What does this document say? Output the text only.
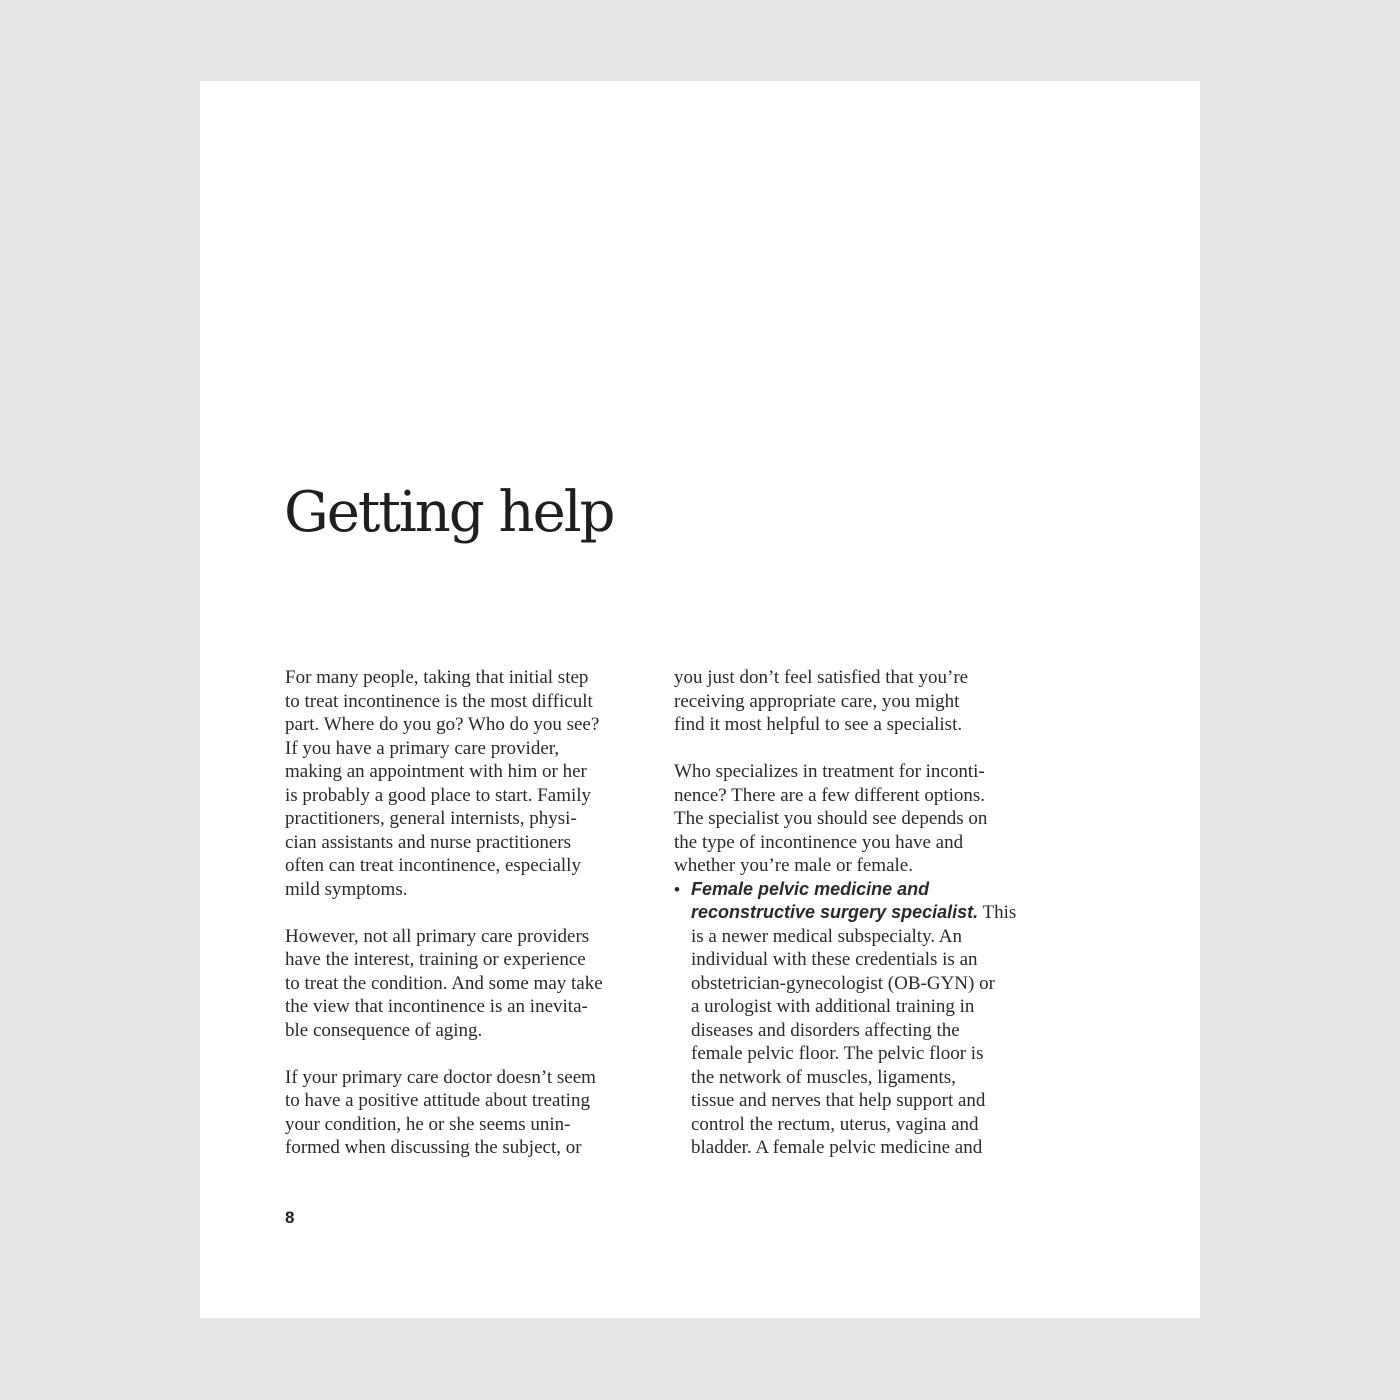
Getting help
For many people, taking that initial step
to treat incontinence is the most difficult
part. Where do you go? Who do you see?
If you have a primary care provider,
making an appointment with him or her
is probably a good place to start. Family
practitioners, general internists, physi-
cian assistants and nurse practitioners
often can treat incontinence, especially
mild symptoms.
However, not all primary care providers
have the interest, training or experience
to treat the condition. And some may take
the view that incontinence is an inevita-
ble consequence of aging.
If your primary care doctor doesn’t seem
to have a positive attitude about treating
your condition, he or she seems unin-
formed when discussing the subject, or
you just don’t feel satisfied that you’re
receiving appropriate care, you might
find it most helpful to see a specialist.
Who specializes in treatment for inconti-
nence? There are a few different options.
The specialist you should see depends on
the type of incontinence you have and
whether you’re male or female.
• Female pelvic medicine and
reconstructive surgery specialist. This
is a newer medical subspecialty. An
individual with these credentials is an
obstetrician-gynecologist (OB-GYN) or
a urologist with additional training in
diseases and disorders affecting the
female pelvic floor. The pelvic floor is
the network of muscles, ligaments,
tissue and nerves that help support and
control the rectum, uterus, vagina and
bladder. A female pelvic medicine and
8
